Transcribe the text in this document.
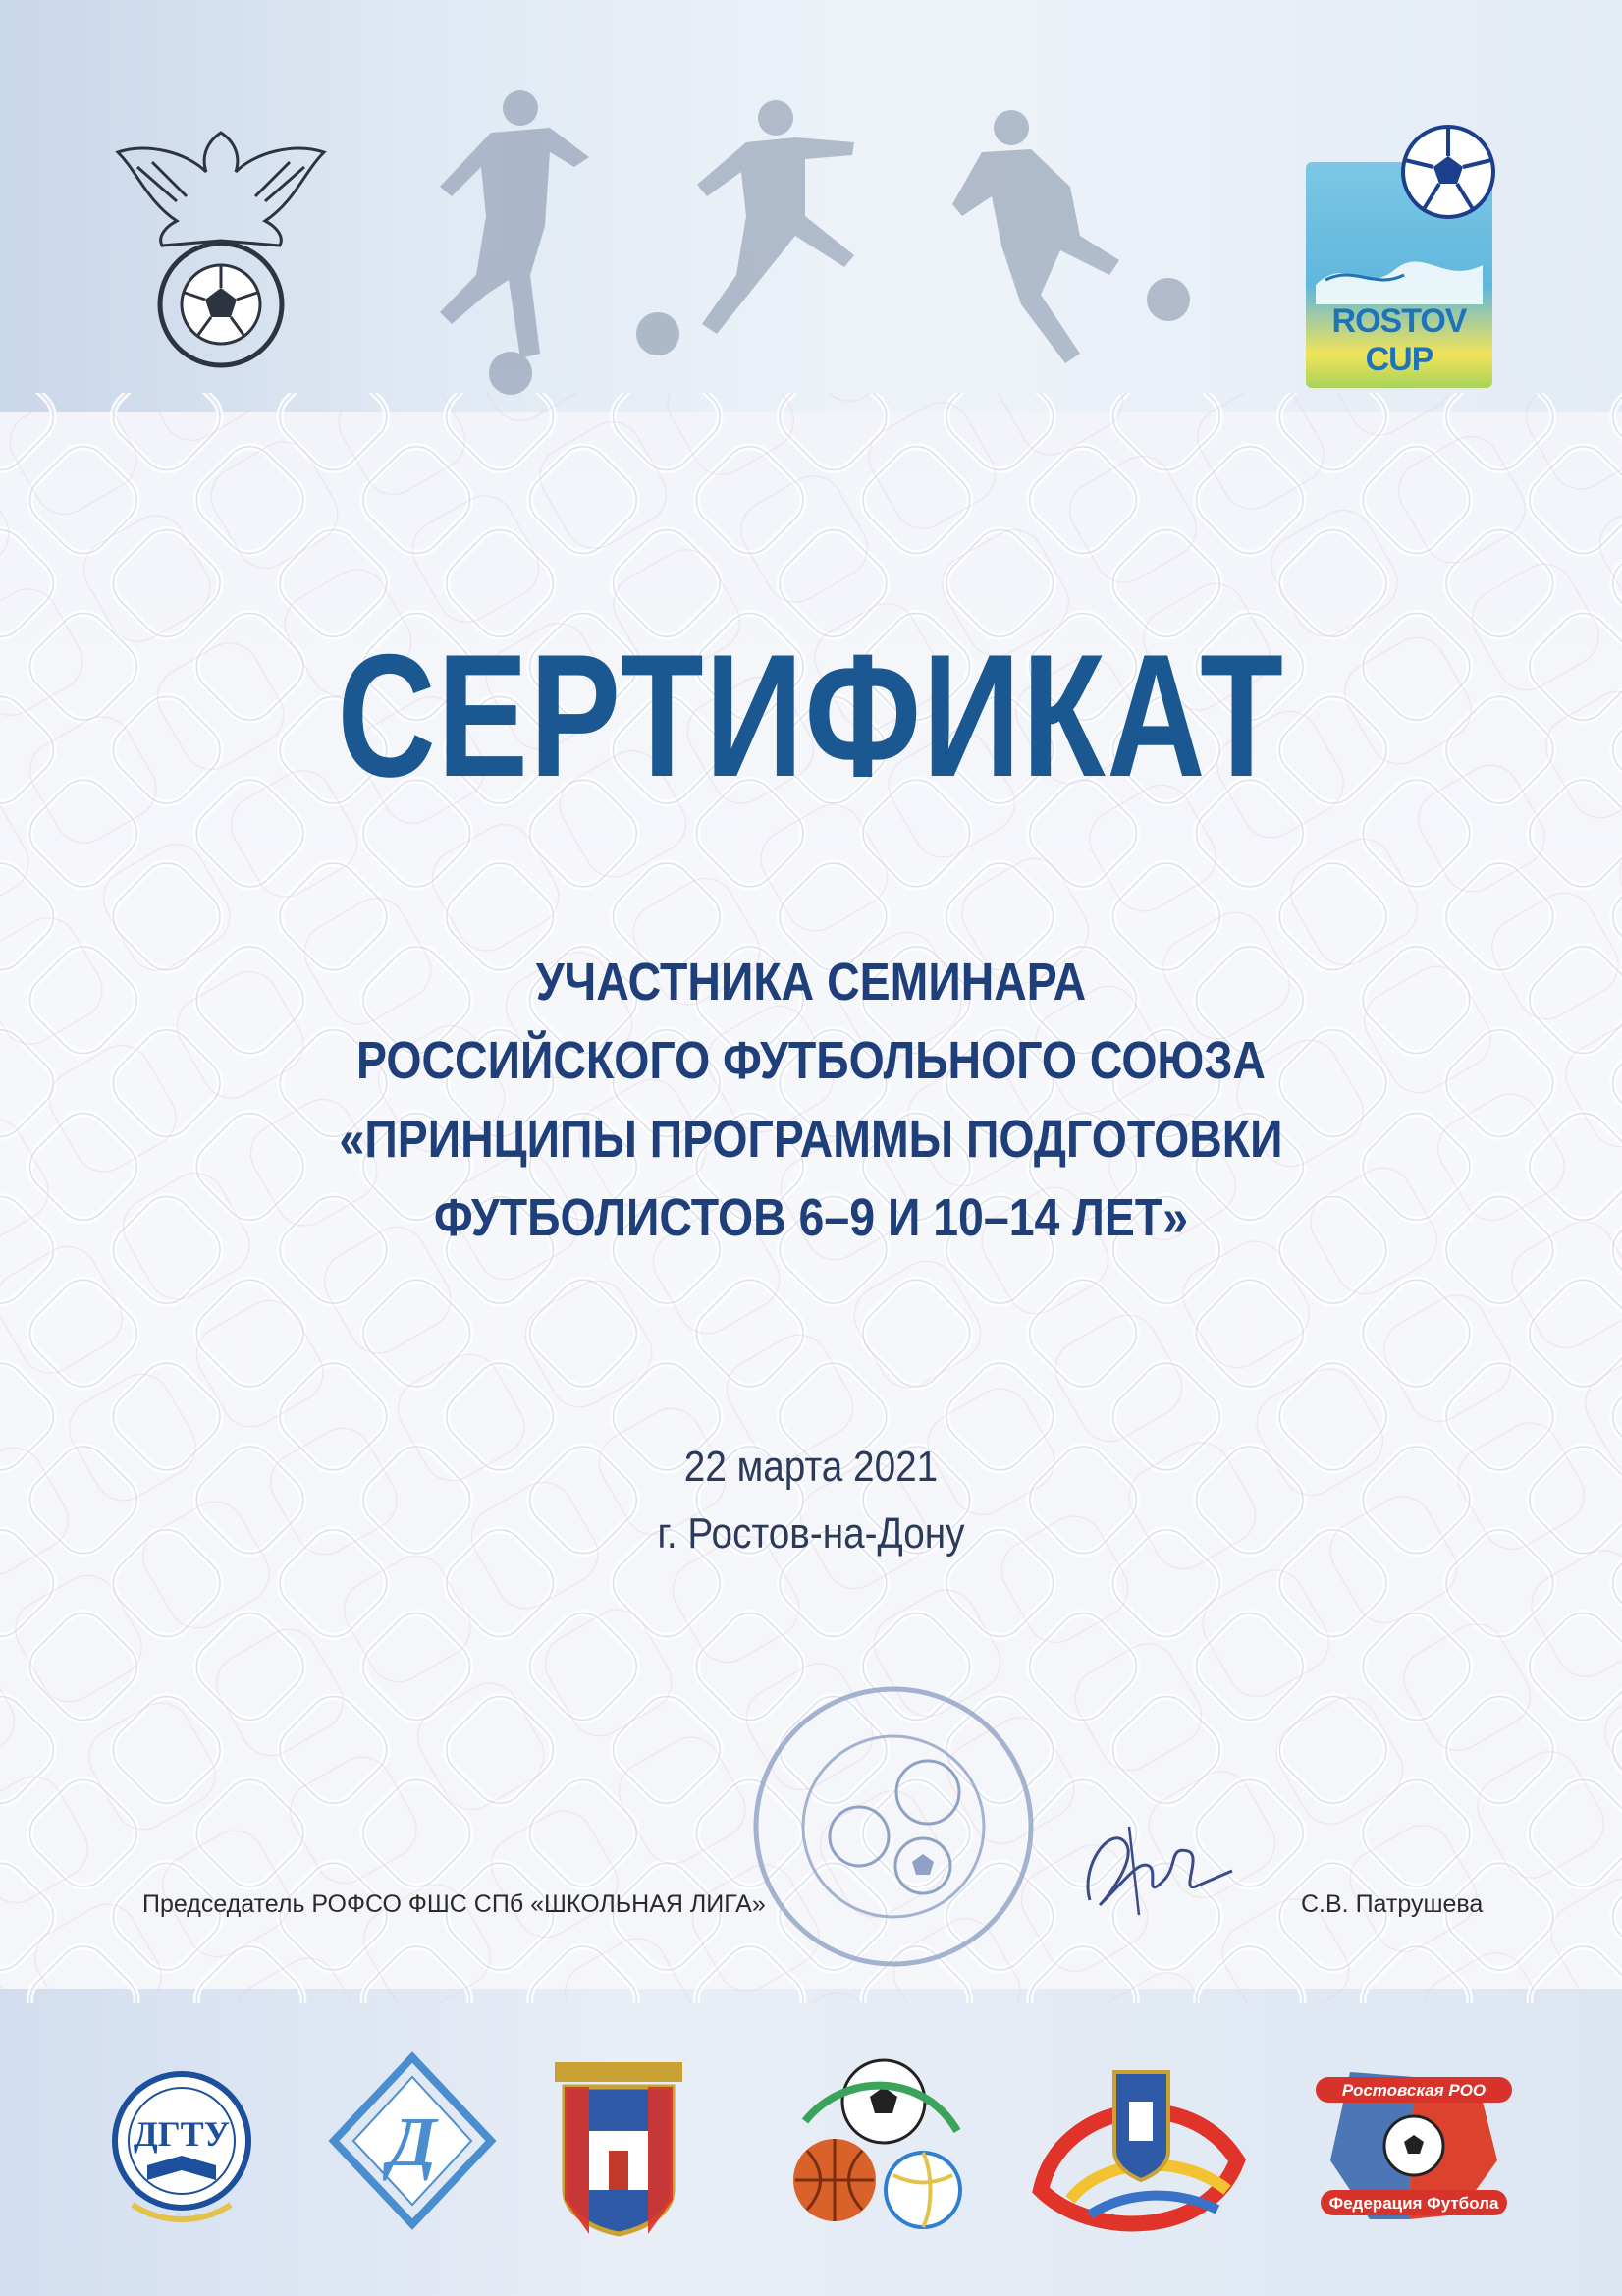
ROSTOV CUP
СЕРТИФИКАТ
УЧАСТНИКА СЕМИНАРА
РОССИЙСКОГО ФУТБОЛЬНОГО СОЮЗА
«ПРИНЦИПЫ ПРОГРАММЫ ПОДГОТОВКИ
ФУТБОЛИСТОВ 6–9 И 10–14 ЛЕТ»
22 марта 2021
г. Ростов-на-Дону
Председатель РОФСО ФШС СПб «ШКОЛЬНАЯ ЛИГА»	С.В. Патрушева
ДГТУ Д
Ростовская РОО
Федерация Футбола
